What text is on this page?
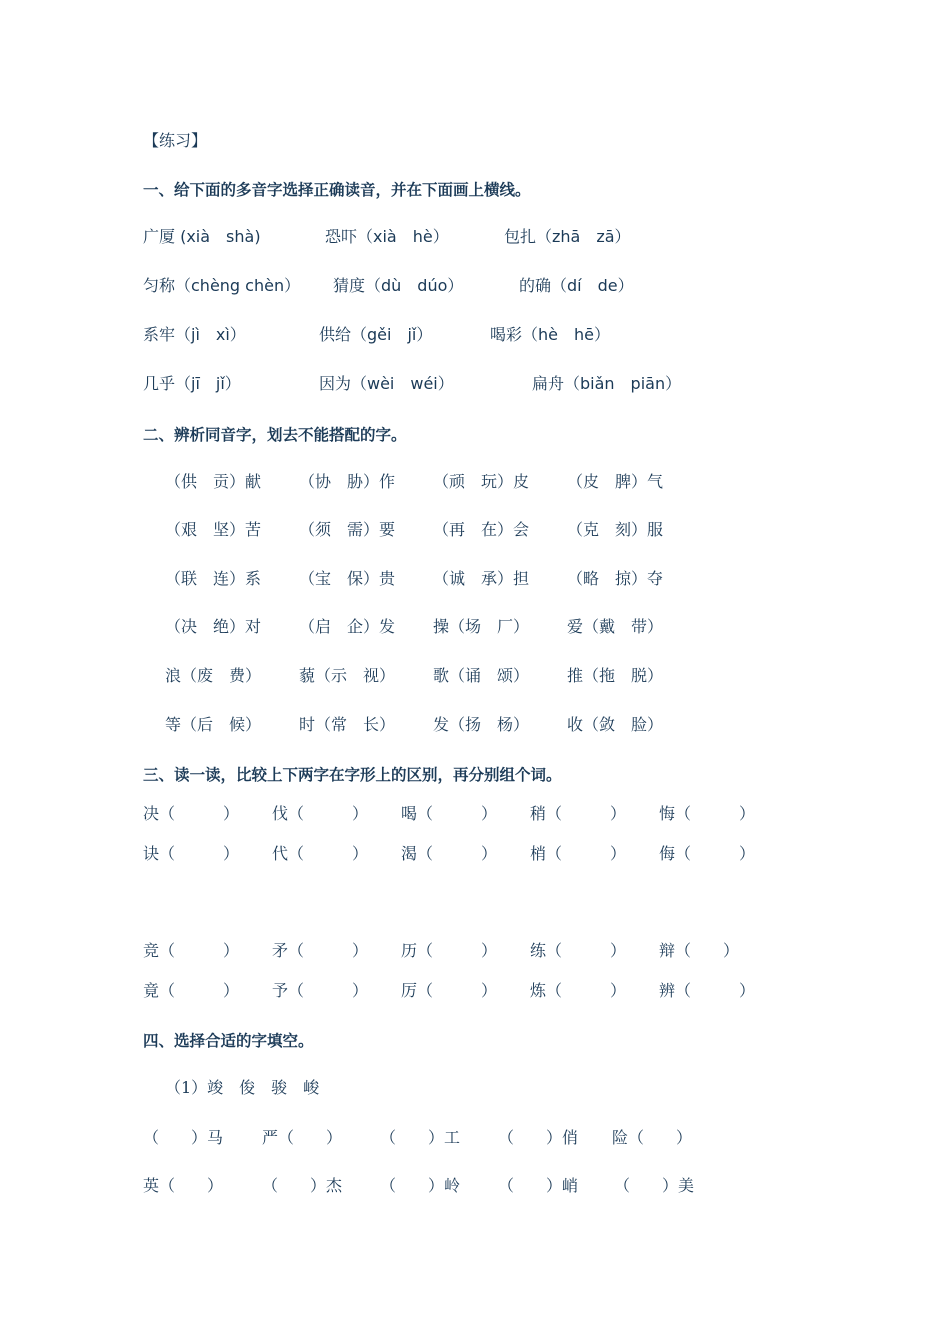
【练习】
一、给下面的多音字选择正确读音，并在下面画上横线。
广厦 (xià　shà)	恐吓（xià　hè）	包扎（zhā　zā）
匀称（chèng chèn） 猜度（dù　dúo）	的确（dí　de）
系牢（jì　xì）	供给（gěi　jǐ）	喝彩（hè　hē）
几乎（jī　jǐ）	因为（wèi　wéi）	扁舟（biǎn　piān）
二、辨析同音字，划去不能搭配的字。
（供　贡）献 （协　胁）作 （顽　玩）皮 （皮　脾）气
（艰　坚）苦 （须　需）要 （再　在）会 （克　刻）服
（联　连）系 （宝　保）贵 （诚　承）担 （略　掠）夺
（决　绝）对 （启　企）发 操（场　厂） 爱（戴　带）
浪（废　费） 藐（示　视） 歌（诵　颂） 推（拖　脱）
等（后　候） 时（常　长） 发（扬　杨） 收（敛　脸）
三、读一读，比较上下两字在字形上的区别，再分别组个词。
决（　　　） 伐（　　　） 喝（　　　） 稍（　　　） 悔（　　　）
诀（　　　） 代（　　　） 渴（　　　） 梢（　　　） 侮（　　　）
竞（　　　） 矛（　　　） 历（　　　） 练（　　　） 辩（　　）
竟（　　　） 予（　　　） 厉（　　　） 炼（　　　） 辨（　　　）
四、选择合适的字填空。
（1）竣　俊　骏　峻
（　　）马 严（　　） （　　）工 （　　）俏 险（　　）
英（　　） （　　）杰 （　　）岭 （　　）峭 （　　）美
